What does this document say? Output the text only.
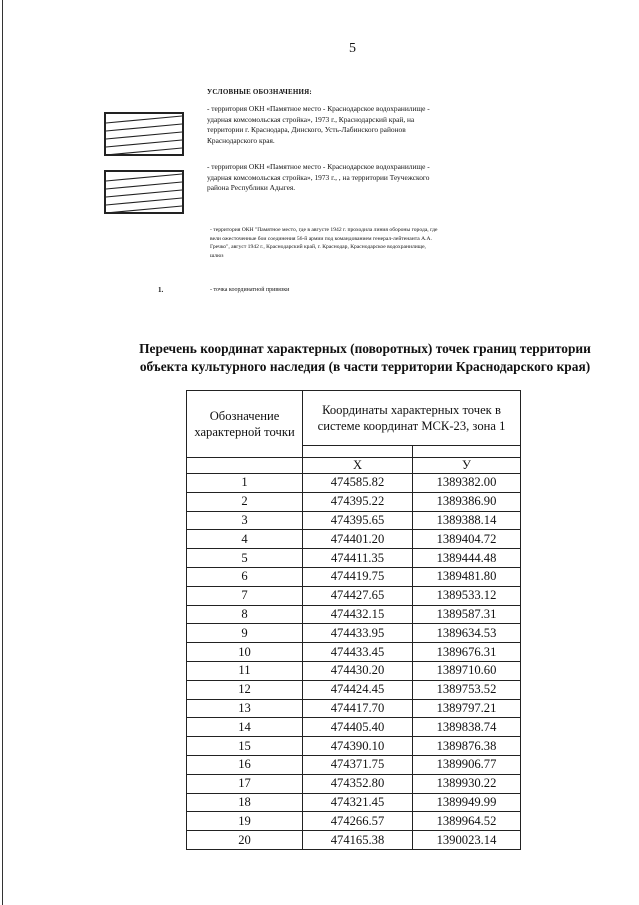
5
УСЛОВНЫЕ ОБОЗНАЧЕНИЯ:
- территория ОКН «Памятное место - Краснодарское водохранилище - ударная комсомольская стройка», 1973 г., Краснодарский край, на территории г. Краснодара, Динского, Усть-Лабинского районов Краснодарского края.
- территория ОКН «Памятное место - Краснодарское водохранилище - ударная комсомольская стройка», 1973 г., , на территории Теучежского района Республики Адыгея.
- территория ОКН "Памятное место, где в августе 1942 г. проходила линия обороны города, где вели ожесточенные бои соединения 56-й армии под командованием генерал-лейтенанта А.А. Гречко", август 1942 г., Краснодарский край, г. Краснодар, Краснодарское водохранилище, шлюз
1.	- точка координатной привязки
Перечень координат характерных (поворотных) точек границ территории
объекта культурного наследия (в части территории Краснодарского края)
Обозначение характерной точки	Координаты характерных точек в системе координат МСК-23, зона 1	

	Х	У
1	474585.82	1389382.00
2	474395.22	1389386.90
3	474395.65	1389388.14
4	474401.20	1389404.72
5	474411.35	1389444.48
6	474419.75	1389481.80
7	474427.65	1389533.12
8	474432.15	1389587.31
9	474433.95	1389634.53
10	474433.45	1389676.31
11	474430.20	1389710.60
12	474424.45	1389753.52
13	474417.70	1389797.21
14	474405.40	1389838.74
15	474390.10	1389876.38
16	474371.75	1389906.77
17	474352.80	1389930.22
18	474321.45	1389949.99
19	474266.57	1389964.52
20	474165.38	1390023.14
